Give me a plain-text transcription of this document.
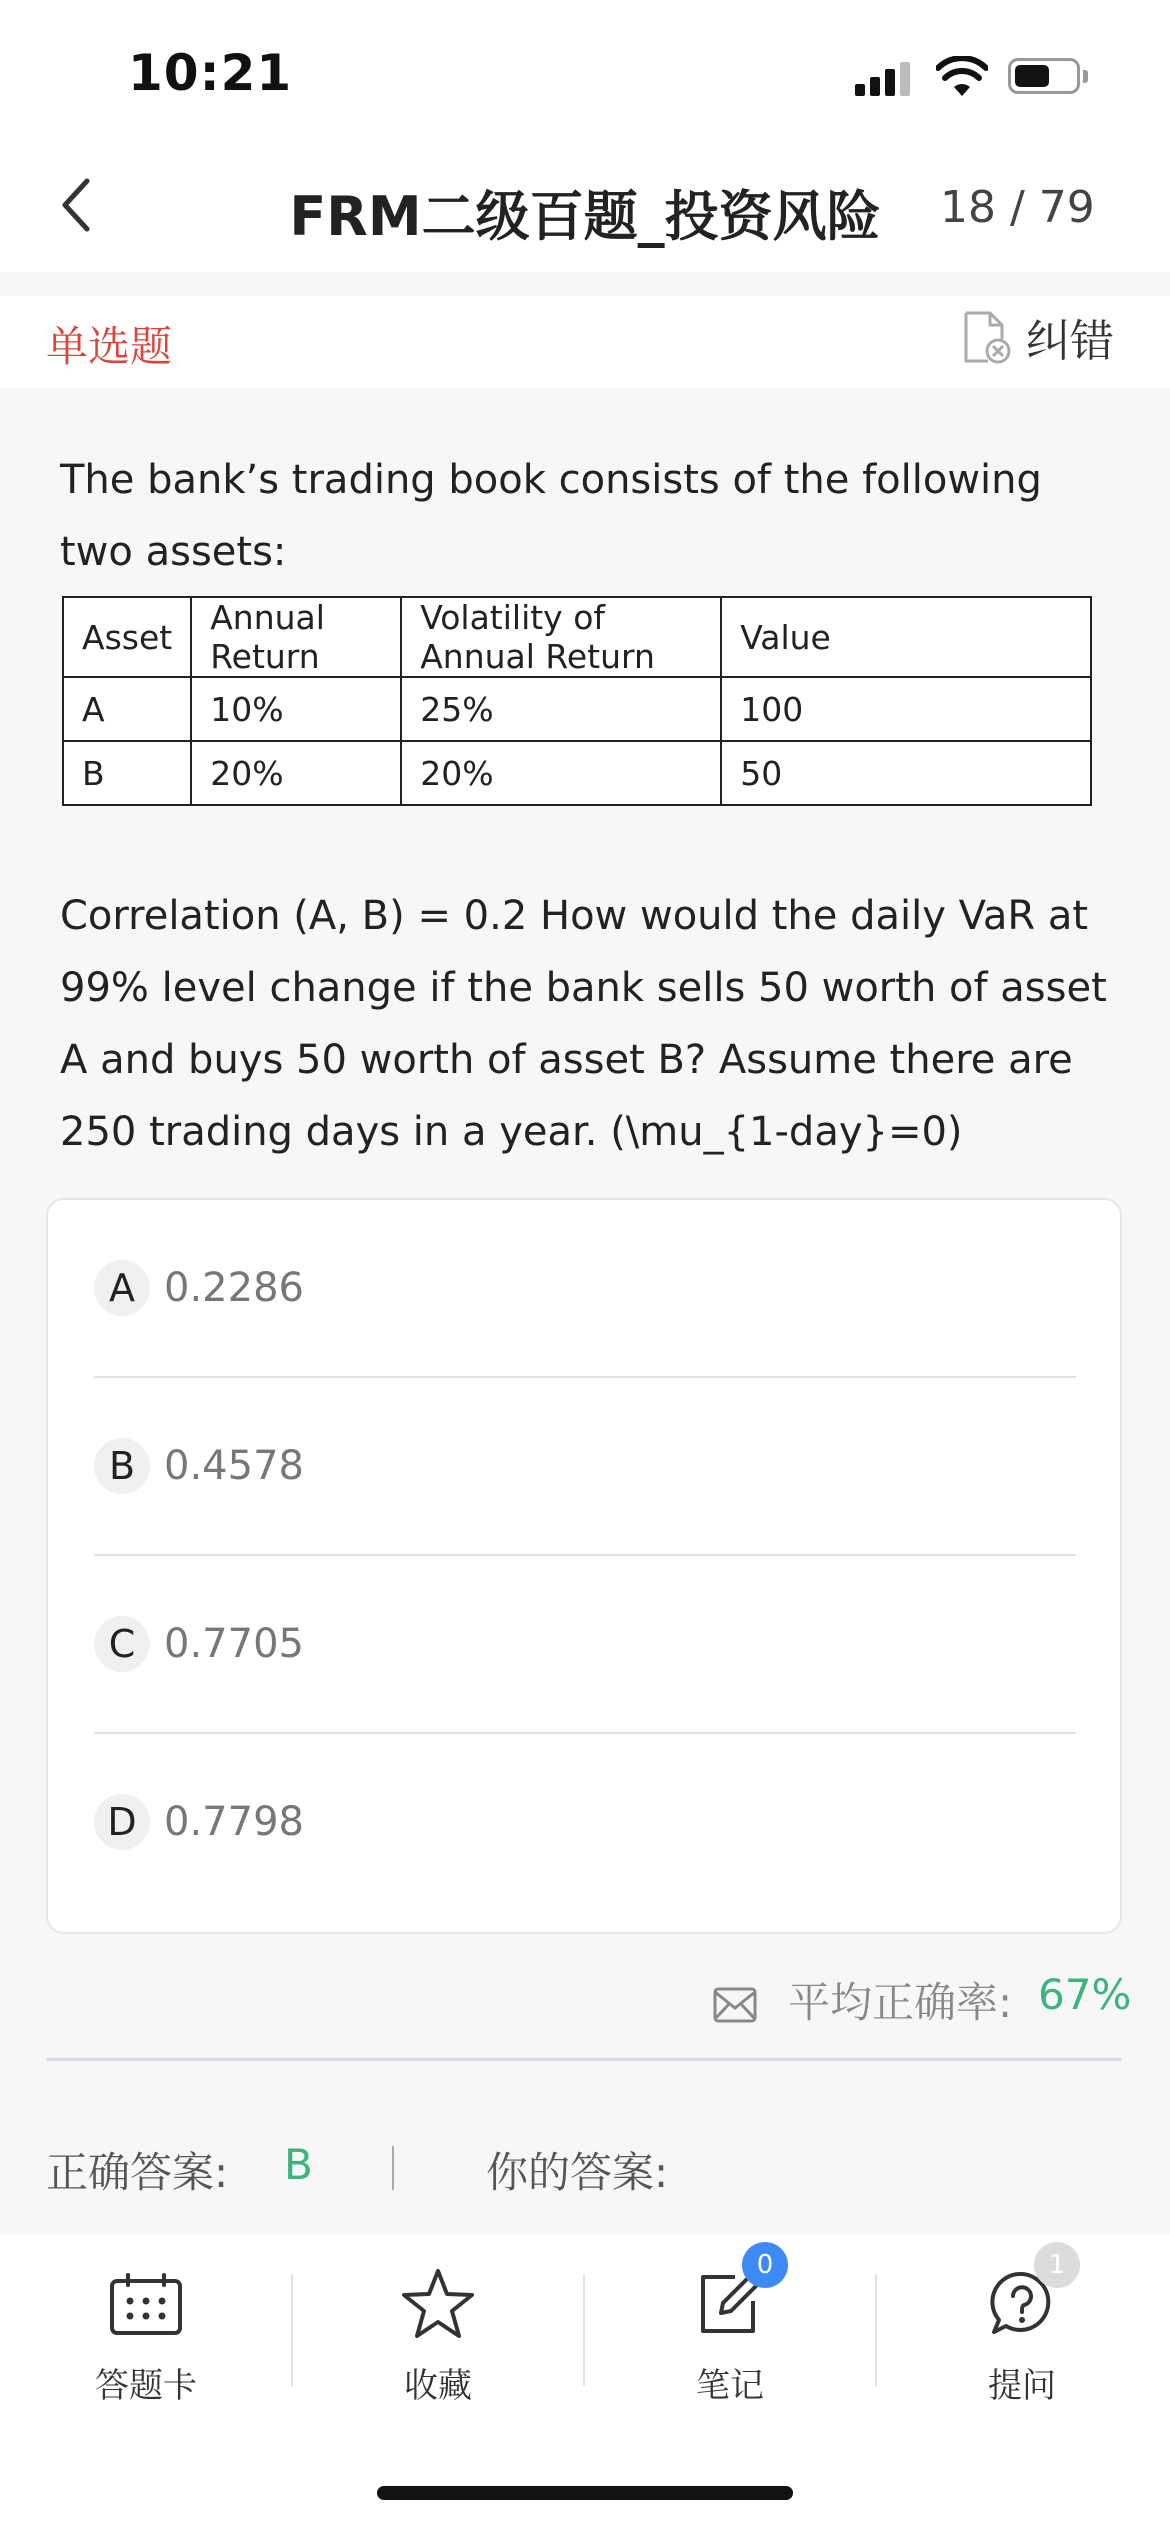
10:21
FRM二级百题_投资风险	18 / 79
单选题	纠错
The bank’s trading book consists of the following two assets:
Asset	Annual Return	Volatility of Annual Return	Value
A	10%	25%	100
B	20%	20%	50
Correlation (A, B) = 0.2 How would the daily VaR at 99% level change if the bank sells 50 worth of asset A and buys 50 worth of asset B? Assume there are 250 trading days in a year. (\mu_{1-day}=0)
A 0.2286
B 0.4578
C 0.7705
D 0.7798
平均正确率: 67%
正确答案: B	你的答案:
答题卡	收藏
0
笔记
1
提问
